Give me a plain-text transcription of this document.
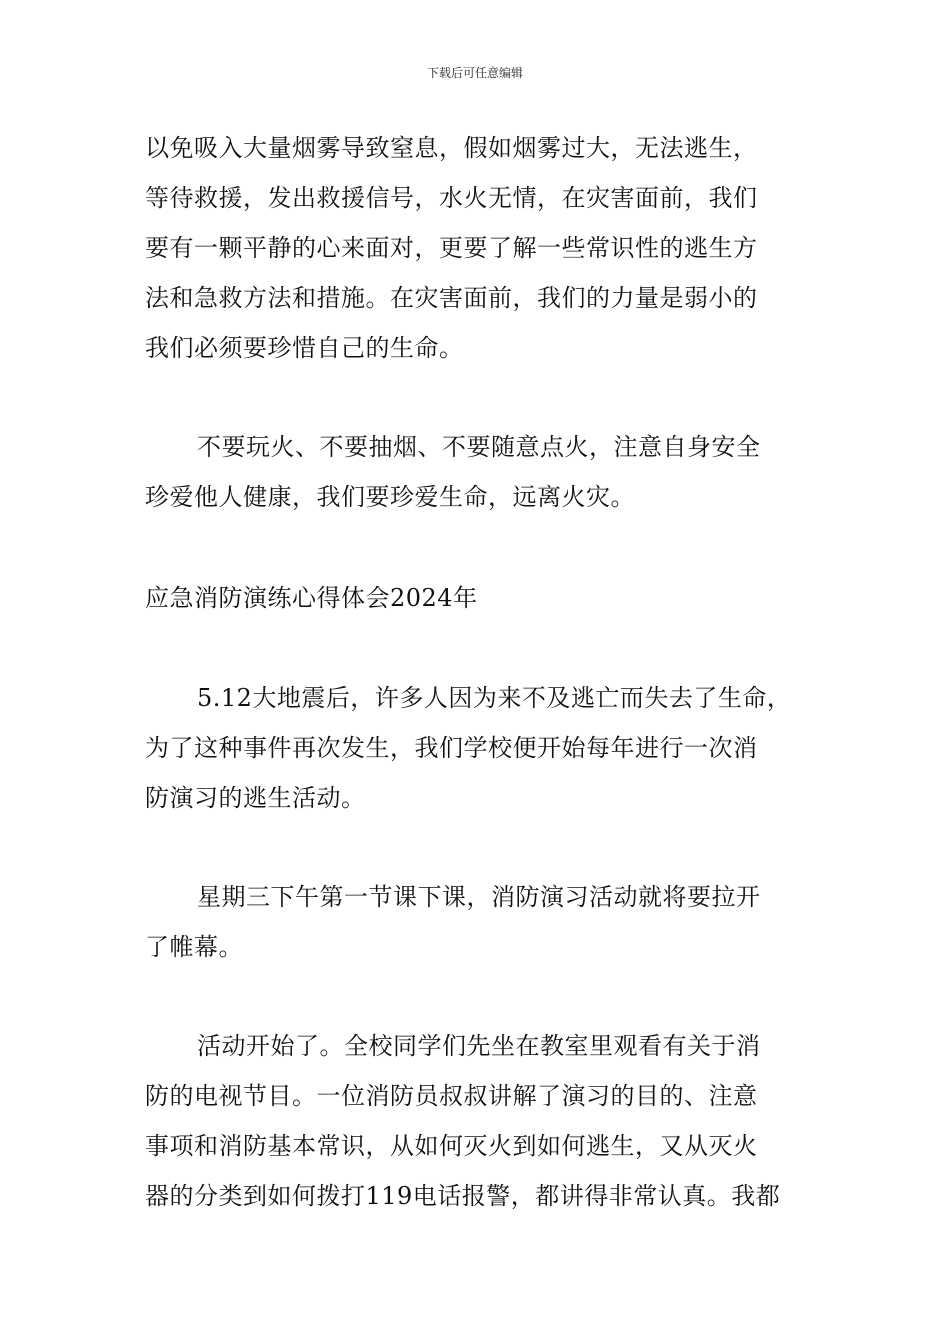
下载后可任意编辑
以免吸入大量烟雾导致窒息，假如烟雾过大，无法逃生，
等待救援，发出救援信号，水火无情，在灾害面前，我们
要有一颗平静的心来面对，更要了解一些常识性的逃生方
法和急救方法和措施。在灾害面前，我们的力量是弱小的
我们必须要珍惜自己的生命。
不要玩火、不要抽烟、不要随意点火，注意自身安全
珍爱他人健康，我们要珍爱生命，远离火灾。
应急消防演练心得体会2024年
5.12大地震后，许多人因为来不及逃亡而失去了生命，
为了这种事件再次发生，我们学校便开始每年进行一次消
防演习的逃生活动。
星期三下午第一节课下课，消防演习活动就将要拉开
了帷幕。
活动开始了。全校同学们先坐在教室里观看有关于消
防的电视节目。一位消防员叔叔讲解了演习的目的、注意
事项和消防基本常识，从如何灭火到如何逃生，又从灭火
器的分类到如何拨打119电话报警，都讲得非常认真。我都
